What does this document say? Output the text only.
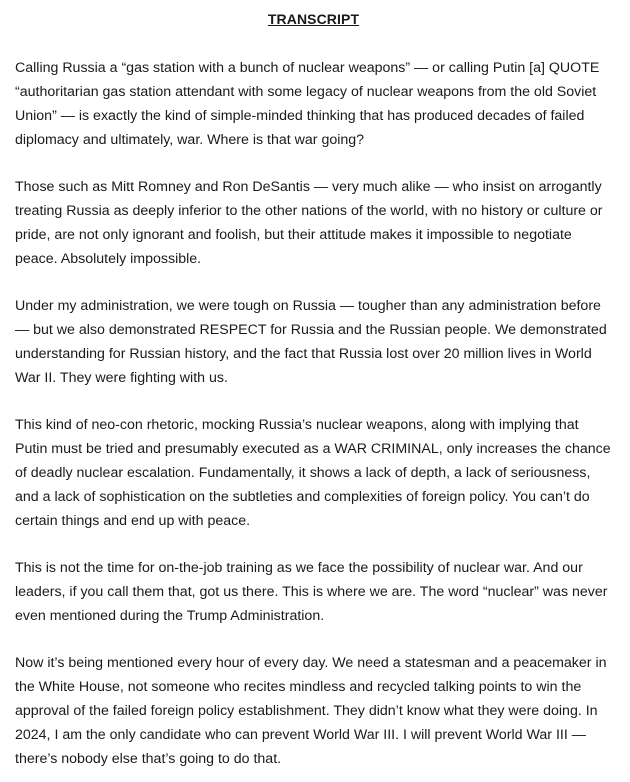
TRANSCRIPT

Calling Russia a “gas station with a bunch of nuclear weapons” — or calling Putin [a] QUOTE “authoritarian gas station attendant with some legacy of nuclear weapons from the old Soviet Union” — is exactly the kind of simple-minded thinking that has produced decades of failed diplomacy and ultimately, war. Where is that war going?

Those such as Mitt Romney and Ron DeSantis — very much alike — who insist on arrogantly treating Russia as deeply inferior to the other nations of the world, with no history or culture or pride, are not only ignorant and foolish, but their attitude makes it impossible to negotiate peace. Absolutely impossible.

Under my administration, we were tough on Russia — tougher than any administration before — but we also demonstrated RESPECT for Russia and the Russian people. We demonstrated understanding for Russian history, and the fact that Russia lost over 20 million lives in World War II. They were fighting with us.

This kind of neo-con rhetoric, mocking Russia’s nuclear weapons, along with implying that Putin must be tried and presumably executed as a WAR CRIMINAL, only increases the chance of deadly nuclear escalation. Fundamentally, it shows a lack of depth, a lack of seriousness, and a lack of sophistication on the subtleties and complexities of foreign policy. You can’t do certain things and end up with peace.

This is not the time for on-the-job training as we face the possibility of nuclear war. And our leaders, if you call them that, got us there. This is where we are. The word “nuclear” was never even mentioned during the Trump Administration.

Now it’s being mentioned every hour of every day. We need a statesman and a peacemaker in the White House, not someone who recites mindless and recycled talking points to win the approval of the failed foreign policy establishment. They didn’t know what they were doing. In 2024, I am the only candidate who can prevent World War III. I will prevent World War III — there’s nobody else that’s going to do that.
